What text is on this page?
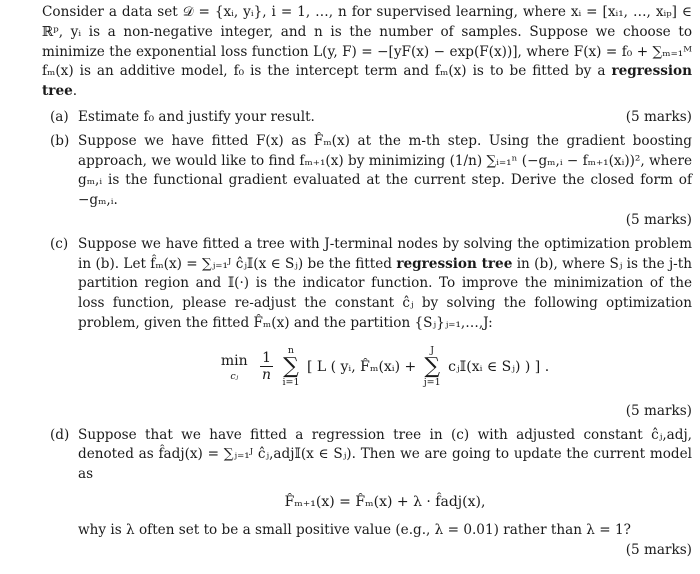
Consider a data set 𝒟 = {xᵢ, yᵢ}, i = 1, …, n for supervised learning, where xᵢ = [xᵢ₁, …, xᵢₚ] ∈ ℝᵖ, yᵢ is a non-negative integer, and n is the number of samples. Suppose we choose to minimize the exponential loss function L(y, F) = −[yF(x) − exp(F(x))], where F(x) = f₀ + ∑ₘ₌₁ᴹ fₘ(x) is an additive model, f₀ is the intercept term and fₘ(x) is to be fitted by a regression tree.

(a)	(5 marks)
Estimate f₀ and justify your result.
(b) Suppose we have fitted F(x) as F̂ₘ(x) at the m-th step. Using the gradient boosting approach, we would like to find fₘ₊₁(x) by minimizing (1/n) ∑ᵢ₌₁ⁿ (−gₘ,ᵢ − fₘ₊₁(xᵢ))², where gₘ,ᵢ is the functional gradient evaluated at the current step. Derive the closed form of −gₘ,ᵢ.
(5 marks)
(c) Suppose we have fitted a tree with J-terminal nodes by solving the optimization problem in (b). Let f̂ₘ(x) = ∑ⱼ₌₁ᴶ ĉⱼ𝕀(x ∈ Sⱼ) be the fitted regression tree in (b), where Sⱼ is the j-th partition region and 𝕀(·) is the indicator function. To improve the minimization of the loss function, please re-adjust the constant ĉⱼ by solving the following optimization problem, given the fitted F̂ₘ(x) and the partition {Sⱼ}ⱼ₌₁,…,J:
min
cⱼ
	$\frac{1}{n}$
	n
∑
i=1
[ L ( yᵢ, F̂ₘ(xᵢ) +
J
∑
j=1
cⱼ𝕀(xᵢ ∈ Sⱼ) ) ] .
(5 marks)
(d) Suppose that we have fitted a regression tree in (c) with adjusted constant ĉⱼ,adj, denoted as f̂adj(x) = ∑ⱼ₌₁ᴶ ĉⱼ,adj𝕀(x ∈ Sⱼ). Then we are going to update the current model as
F̂ₘ₊₁(x) = F̂ₘ(x) + λ · f̂adj(x),
why is λ often set to be a small positive value (e.g., λ = 0.01) rather than λ = 1?
(5 marks)
